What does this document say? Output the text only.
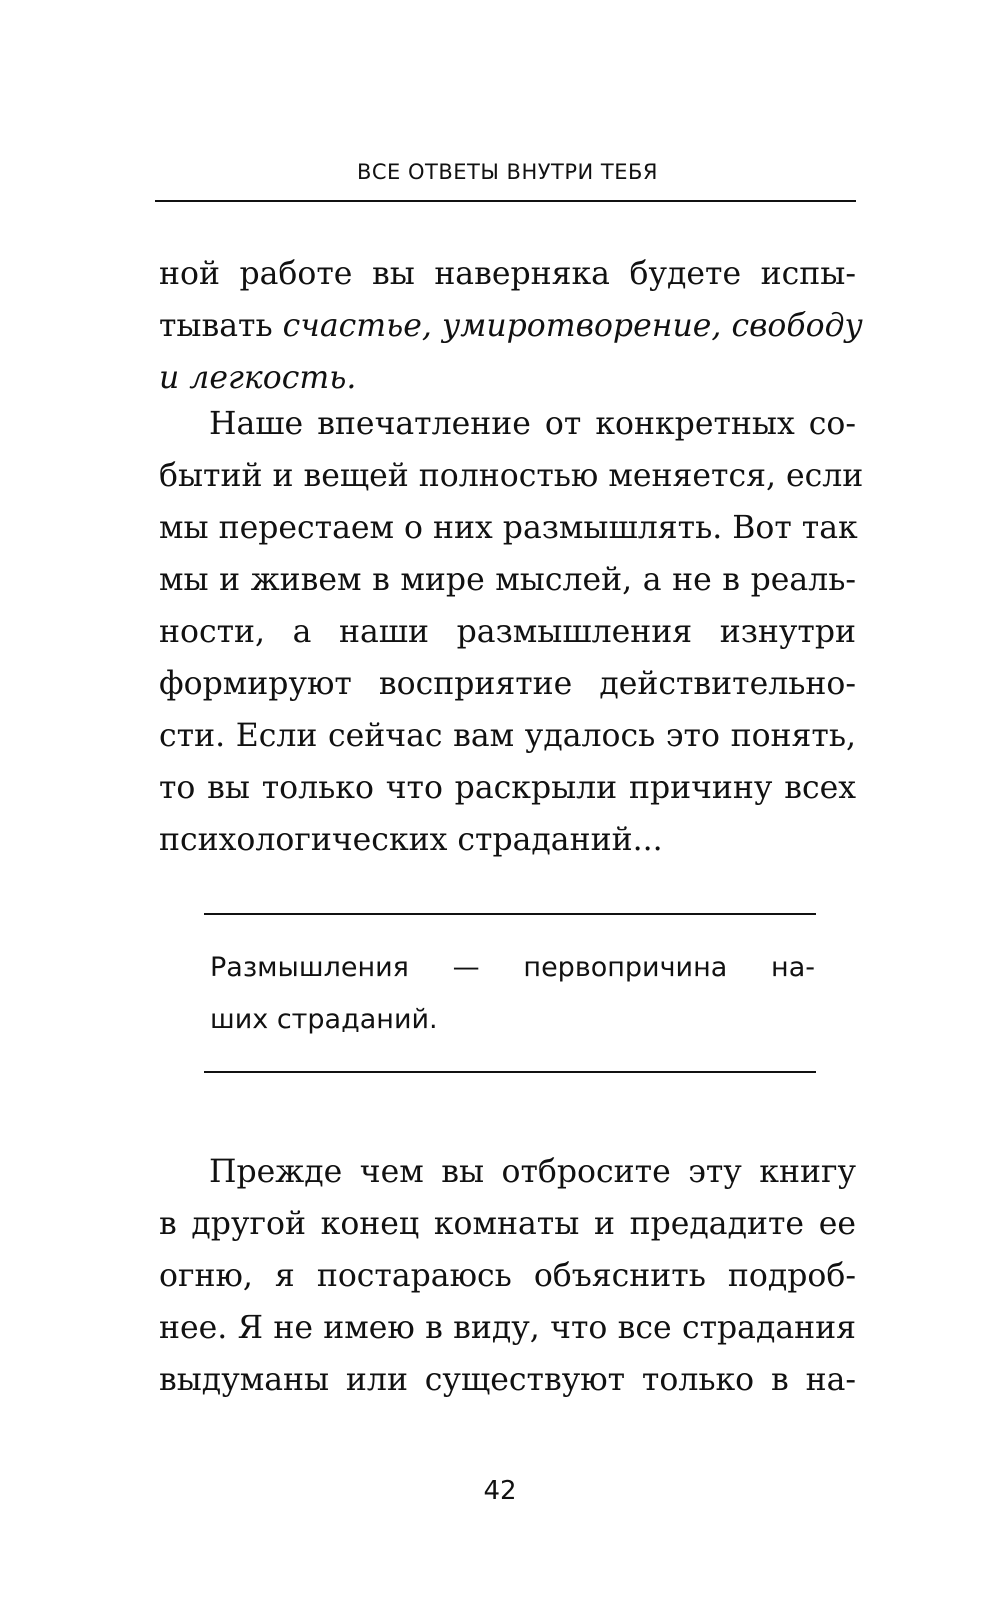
ВСЕ ОТВЕТЫ ВНУТРИ ТЕБЯ
ной работе вы наверняка будете испы-
тывать счастье, умиротворение, свободу
и легкость.
Наше впечатление от конкретных со-
бытий и вещей полностью меняется, если
мы перестаем о них размышлять. Вот так
мы и живем в мире мыслей, а не в реаль-
ности, а наши размышления изнутри
формируют восприятие действительно-
сти. Если сейчас вам удалось это понять,
то вы только что раскрыли причину всех
психологических страданий...
Размышления — первопричина на-
ших страданий.
Прежде чем вы отбросите эту книгу
в другой конец комнаты и предадите ее
огню, я постараюсь объяснить подроб-
нее. Я не имею в виду, что все страдания
выдуманы или существуют только в на-
42
